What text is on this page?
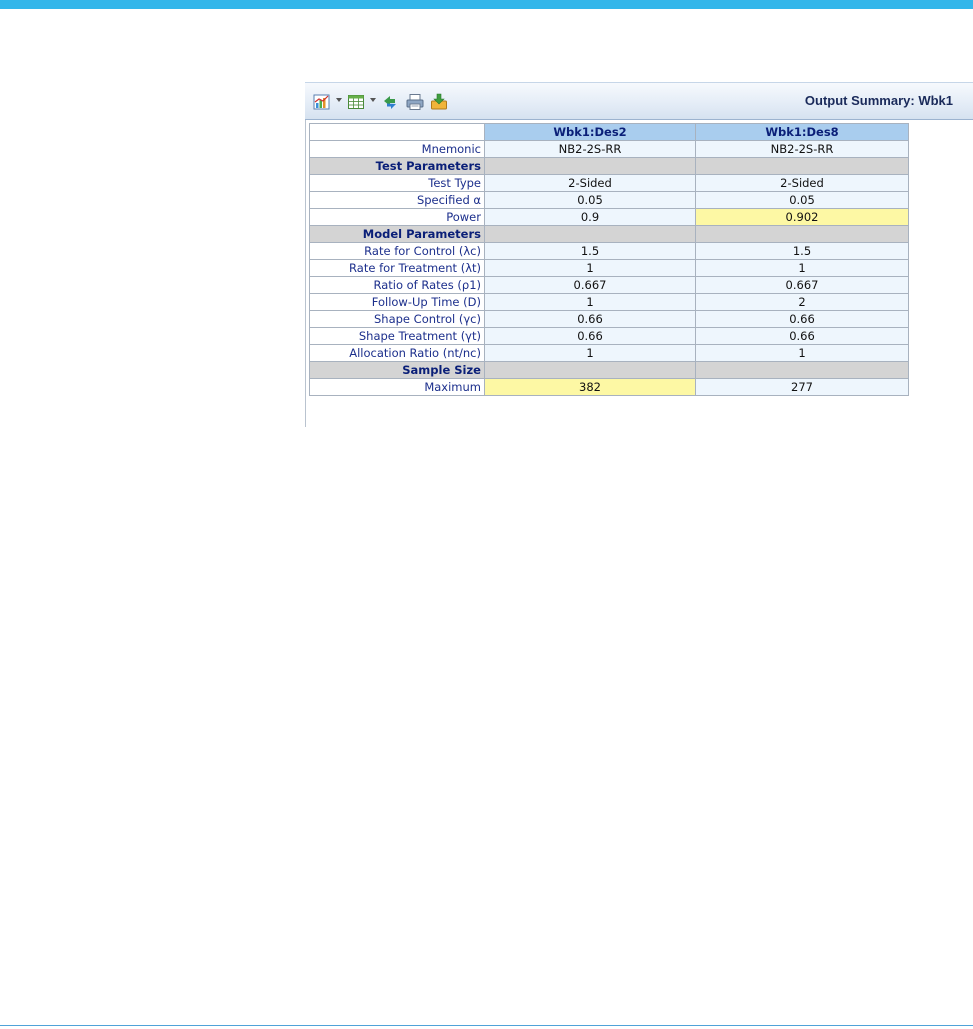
Output Summary: Wbk1
	Wbk1:Des2	Wbk1:Des8
Mnemonic	NB2-2S-RR	NB2-2S-RR
Test Parameters		
Test Type	2-Sided	2-Sided
Specified α	0.05	0.05
Power	0.9	0.902
Model Parameters		
Rate for Control (λc)	1.5	1.5
Rate for Treatment (λt)	1	1
Ratio of Rates (ρ1)	0.667	0.667
Follow-Up Time (D)	1	2
Shape Control (γc)	0.66	0.66
Shape Treatment (γt)	0.66	0.66
Allocation Ratio (nt/nc)	1	1
Sample Size		
Maximum	382	277
